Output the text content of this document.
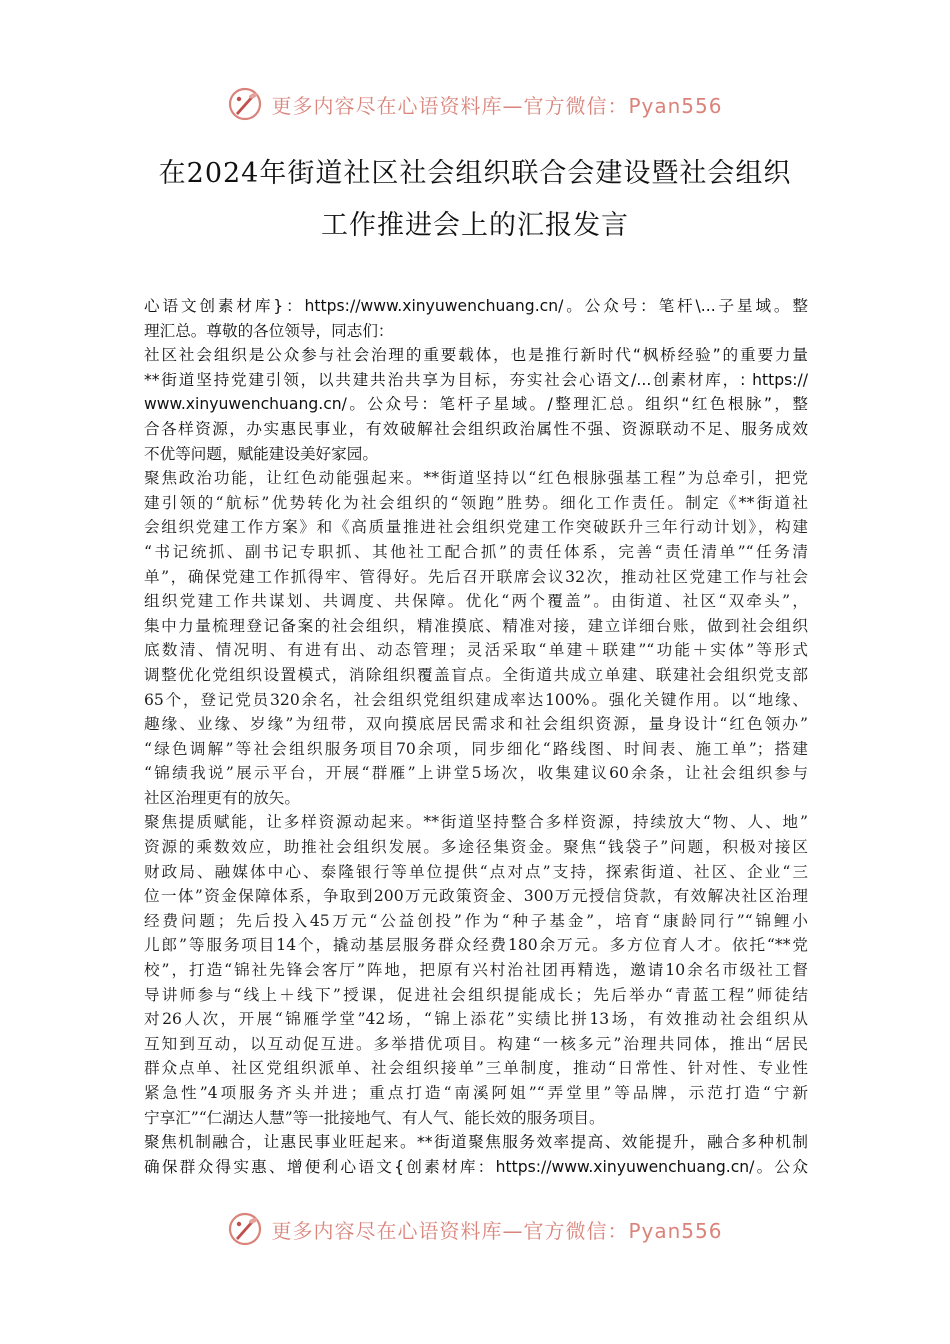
更多内容尽在心语资料库—官方微信：Pyan556
在2024年街道社区社会组织联合会建设暨社会组织
工作推进会上的汇报发言
心语文创素材库}：https://www.xinyuwenchuang.cn/。公众号：笔杆\...子星域。整
理汇总。尊敬的各位领导，同志们：
社区社会组织是公众参与社会治理的重要载体，也是推行新时代“枫桥经验”的重要力量
**街道坚持党建引领，以共建共治共享为目标，夯实社会心语文/...创素材库，: https://
www.xinyuwenchuang.cn/。公众号：笔杆子星域。/整理汇总。组织“红色根脉”，整
合各样资源，办实惠民事业，有效破解社会组织政治属性不强、资源联动不足、服务成效
不优等问题，赋能建设美好家园。
聚焦政治功能，让红色动能强起来。**街道坚持以“红色根脉强基工程”为总牵引，把党
建引领的“航标”优势转化为社会组织的“领跑”胜势。细化工作责任。制定《**街道社
会组织党建工作方案》和《高质量推进社会组织党建工作突破跃升三年行动计划》，构建
“书记统抓、副书记专职抓、其他社工配合抓”的责任体系，完善“责任清单”“任务清
单”，确保党建工作抓得牢、管得好。先后召开联席会议32次，推动社区党建工作与社会
组织党建工作共谋划、共调度、共保障。优化“两个覆盖”。由街道、社区“双牵头”，
集中力量梳理登记备案的社会组织，精准摸底、精准对接，建立详细台账，做到社会组织
底数清、情况明、有进有出、动态管理；灵活采取“单建＋联建”“功能＋实体”等形式
调整优化党组织设置模式，消除组织覆盖盲点。全街道共成立单建、联建社会组织党支部
65个，登记党员320余名，社会组织党组织建成率达100%。强化关键作用。以“地缘、
趣缘、业缘、岁缘”为纽带，双向摸底居民需求和社会组织资源，量身设计“红色领办”
“绿色调解”等社会组织服务项目70余项，同步细化“路线图、时间表、施工单”；搭建
“锦绩我说”展示平台，开展“群雁”上讲堂5场次，收集建议60余条，让社会组织参与
社区治理更有的放矢。
聚焦提质赋能，让多样资源动起来。**街道坚持整合多样资源，持续放大“物、人、地”
资源的乘数效应，助推社会组织发展。多途径集资金。聚焦“钱袋子”问题，积极对接区
财政局、融媒体中心、泰隆银行等单位提供“点对点”支持，探索街道、社区、企业“三
位一体”资金保障体系，争取到200万元政策资金、300万元授信贷款，有效解决社区治理
经费问题；先后投入45万元“公益创投”作为“种子基金”，培育“康龄同行”“锦鲤小
儿郎”等服务项目14个，撬动基层服务群众经费180余万元。多方位育人才。依托“**党
校”，打造“锦社先锋会客厅”阵地，把原有兴村治社团再精选，邀请10余名市级社工督
导讲师参与“线上＋线下”授课，促进社会组织提能成长；先后举办“青蓝工程”师徒结
对26人次，开展“锦雁学堂”42场，“锦上添花”实绩比拼13场，有效推动社会组织从
互知到互动，以互动促互进。多举措优项目。构建“一核多元”治理共同体，推出“居民
群众点单、社区党组织派单、社会组织接单”三单制度，推动“日常性、针对性、专业性
紧急性”4项服务齐头并进；重点打造“南溪阿姐”“弄堂里”等品牌，示范打造“宁新
宁享汇”“仁湖达人慧”等一批接地气、有人气、能长效的服务项目。
聚焦机制融合，让惠民事业旺起来。**街道聚焦服务效率提高、效能提升，融合多种机制
确保群众得实惠、增便利心语文{创素材库：https://www.xinyuwenchuang.cn/。公众
更多内容尽在心语资料库—官方微信：Pyan556
